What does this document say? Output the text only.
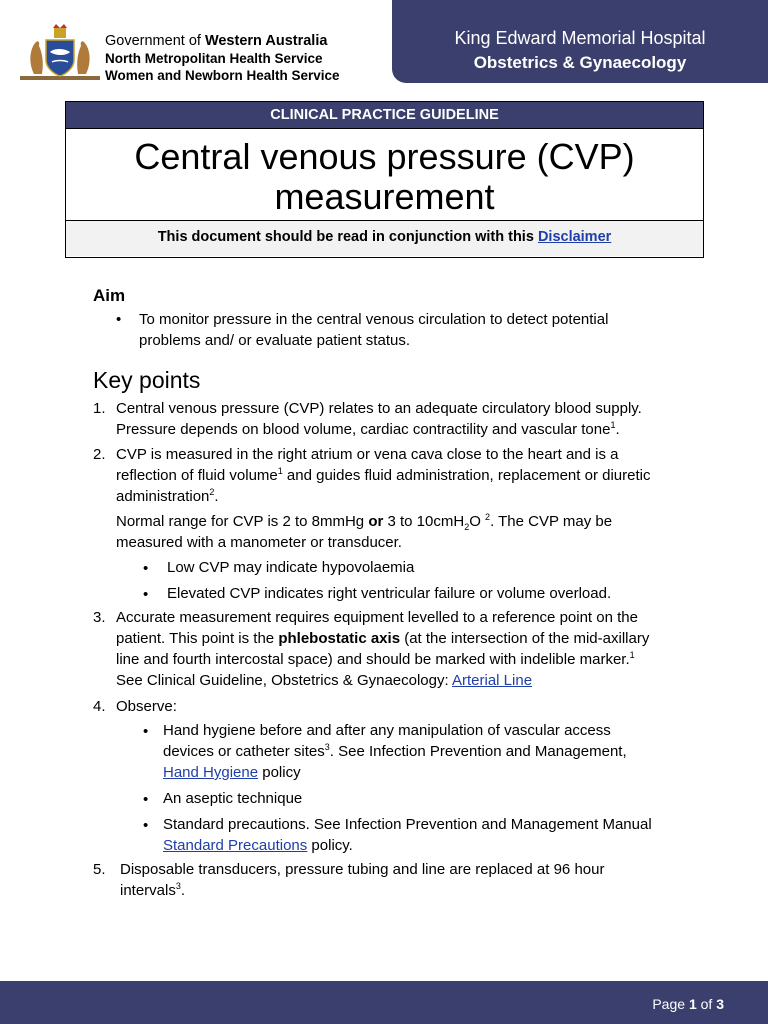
Government of Western Australia
North Metropolitan Health Service
Women and Newborn Health Service
King Edward Memorial Hospital
Obstetrics & Gynaecology
CLINICAL PRACTICE GUIDELINE
Central venous pressure (CVP)
measurement
This document should be read in conjunction with this Disclaimer
Aim
• To monitor pressure in the central venous circulation to detect potential
problems and/ or evaluate patient status.
Key points
1. Central venous pressure (CVP) relates to an adequate circulatory blood supply.
Pressure depends on blood volume, cardiac contractility and vascular tone$^1$.
2. CVP is measured in the right atrium or vena cava close to the heart and is a
reflection of fluid volume$^1$ and guides fluid administration, replacement or diuretic
administration$^2$.
Normal range for CVP is 2 to 8mmHg or 3 to 10cmH$_2$O $^2$. The CVP may be
measured with a manometer or transducer.
• Low CVP may indicate hypovolaemia
• Elevated CVP indicates right ventricular failure or volume overload.
3. Accurate measurement requires equipment levelled to a reference point on the
patient. This point is the phlebostatic axis (at the intersection of the mid-axillary
line and fourth intercostal space) and should be marked with indelible marker.$^1$
See Clinical Guideline, Obstetrics & Gynaecology: Arterial Line
4. Observe:
• Hand hygiene before and after any manipulation of vascular access
devices or catheter sites$^3$. See Infection Prevention and Management,
Hand Hygiene policy
• An aseptic technique
• Standard precautions. See Infection Prevention and Management Manual
Standard Precautions policy.
5. Disposable transducers, pressure tubing and line are replaced at 96 hour
intervals$^3$.
Page 1 of 3
